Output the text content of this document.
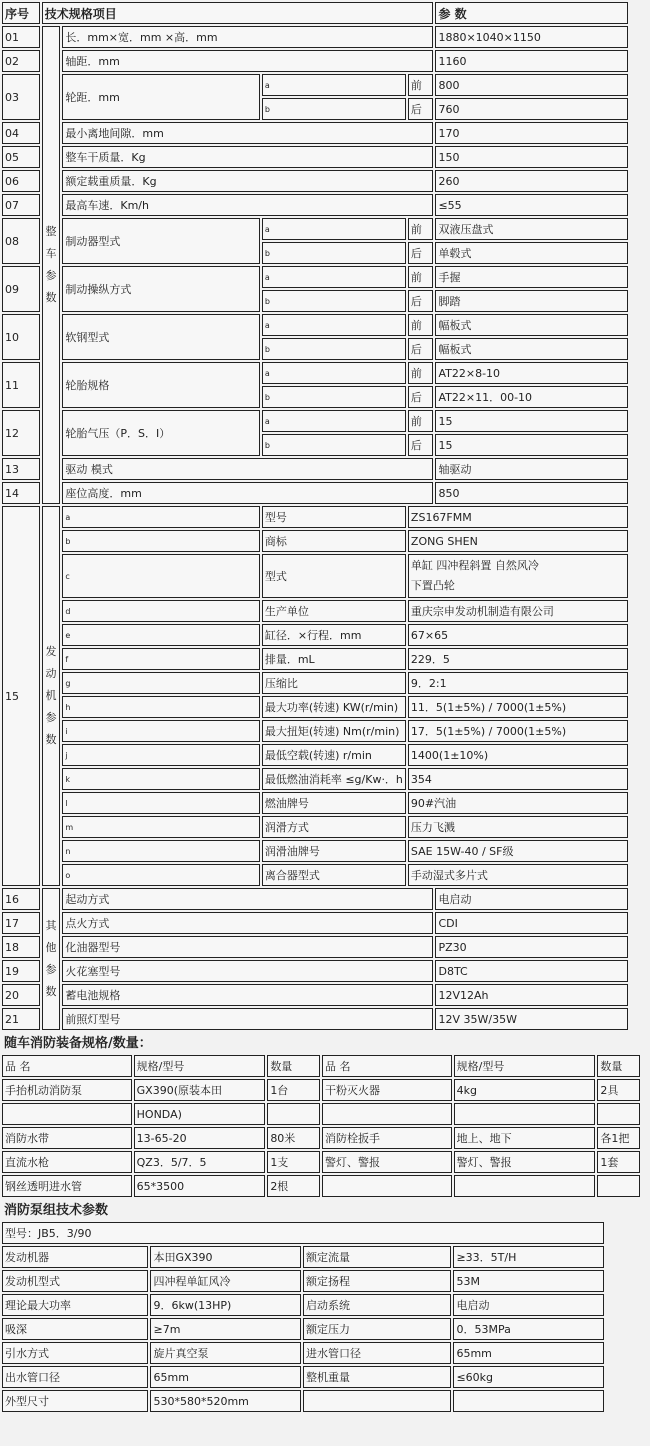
序号	技术规格项目				参 数
01	整车参数	长．mm×宽．mm ×高．mm			1880×1040×1150
02		轴距．mm			1160
03		轮距．mm	a	前	800
			b	后	760
04		最小离地间隙．mm			170
05		整车干质量．Kg			150
06		额定载重质量．Kg			260
07		最高车速．Km/h			≤55
08		制动器型式	a	前	双液压盘式
			b	后	单毂式
09		制动操纵方式	a	前	手握
			b	后	脚踏
10		软钢型式	a	前	幅板式
			b	后	幅板式
11		轮胎规格	a	前	AT22×8-10
			b	后	AT22×11．00-10
12		轮胎气压（P．S．I）	a	前	15
			b	后	15
13		驱动 模式			轴驱动
14		座位高度．mm			850
15	发动机参数	a	型号	ZS167FMM	
		b	商标	ZONG SHEN	
		c	型式	单缸 四冲程斜置 自然风冷
下置凸轮	

		d	生产单位	重庆宗申发动机制造有限公司	
		e	缸径．×行程．mm	67×65	
		f	排量．mL	229．5	
		g	压缩比	9．2:1	
		h	最大功率(转速) KW(r/min)	11．5(1±5%) / 7000(1±5%)	
		i	最大扭矩(转速) Nm(r/min)	17．5(1±5%) / 7000(1±5%)	
		j	最低空载(转速) r/min	1400(1±10%)	
		k	最低燃油消耗率 ≤g/Kw·．h	354	
		l	燃油牌号	90#汽油	
		m	润滑方式	压力飞溅	
		n	润滑油牌号	SAE 15W-40 / SF级	
		o	离合器型式	手动湿式多片式	
16	其他参数	起动方式			电启动
17		点火方式			CDI
18		化油器型号			PZ30
19		火花塞型号			D8TC
20		蓄电池规格			12V12Ah
21		前照灯型号			12V 35W/35W
随车消防装备规格/数量：
品 名	规格/型号	数量	品 名	规格/型号	数量
手抬机动消防泵	GX390(原装本田	1台	干粉灭火器	4kg	2具
	HONDA)				
消防水带	13-65-20	80米	消防栓扳手	地上、地下	各1把
直流水枪	QZ3．5/7．5	1支	警灯、警报	警灯、警报	1套
钢丝透明进水管	65*3500	2根			
消防泵组技术参数
型号：JB5．3/90			
发动机器	本田GX390	额定流量	≥33．5T/H
发动机型式	四冲程单缸风冷	额定扬程	53M
理论最大功率	9．6kw(13HP)	启动系统	电启动
吸深	≥7m	额定压力	0．53MPa
引水方式	旋片真空泵	进水管口径	65mm
出水管口径	65mm	整机重量	≤60kg
外型尺寸	530*580*520mm		
